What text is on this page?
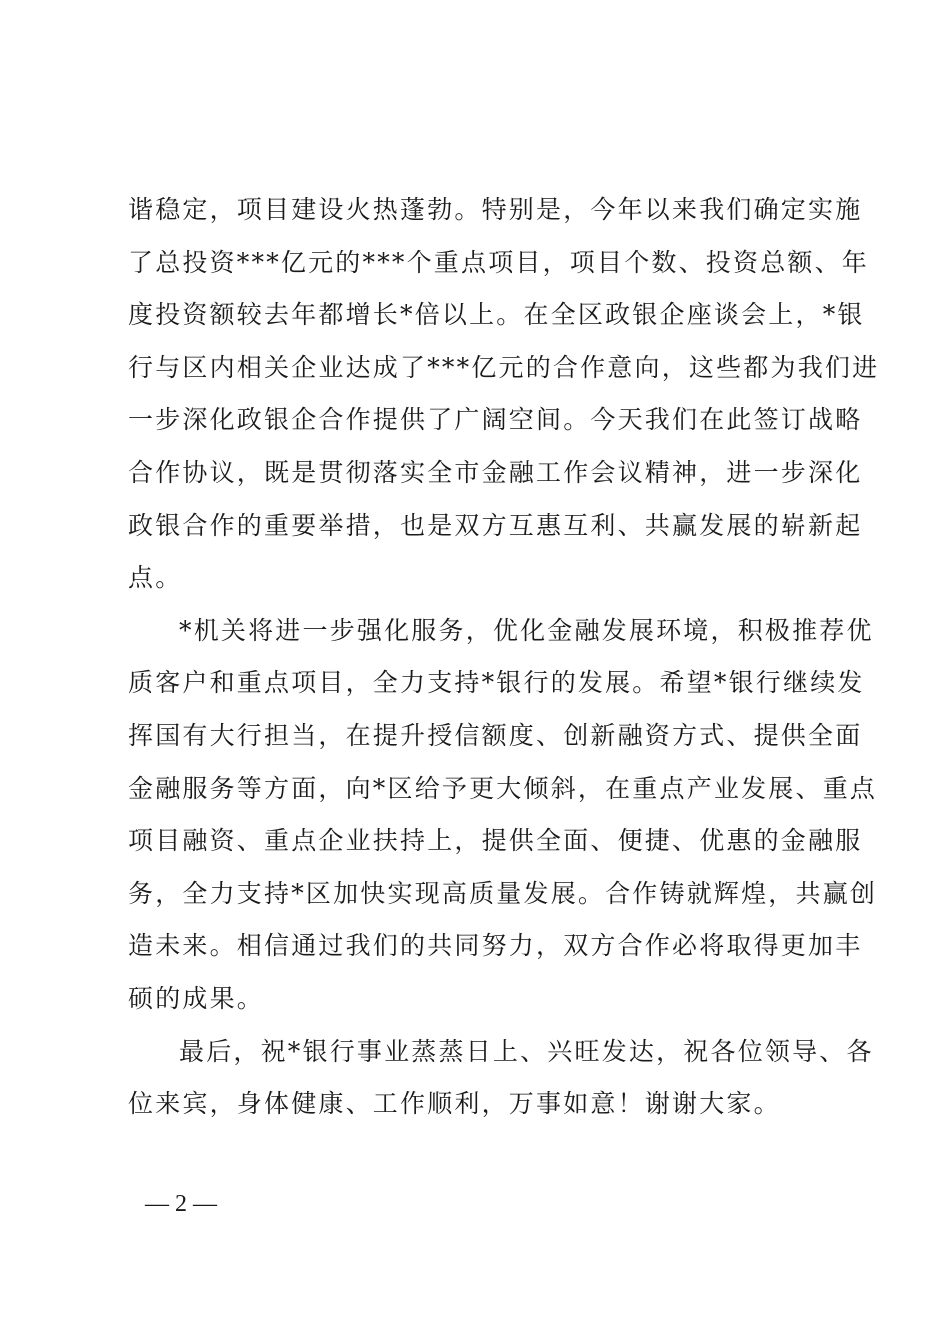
谐稳定，项目建设火热蓬勃。特别是，今年以来我们确定实施
了总投资***亿元的***个重点项目，项目个数、投资总额、年
度投资额较去年都增长*倍以上。在全区政银企座谈会上，*银
行与区内相关企业达成了***亿元的合作意向，这些都为我们进
一步深化政银企合作提供了广阔空间。今天我们在此签订战略
合作协议，既是贯彻落实全市金融工作会议精神，进一步深化
政银合作的重要举措，也是双方互惠互利、共赢发展的崭新起
点。
*机关将进一步强化服务，优化金融发展环境，积极推荐优
质客户和重点项目，全力支持*银行的发展。希望*银行继续发
挥国有大行担当，在提升授信额度、创新融资方式、提供全面
金融服务等方面，向*区给予更大倾斜，在重点产业发展、重点
项目融资、重点企业扶持上，提供全面、便捷、优惠的金融服
务，全力支持*区加快实现高质量发展。合作铸就辉煌，共赢创
造未来。相信通过我们的共同努力，双方合作必将取得更加丰
硕的成果。
最后，祝*银行事业蒸蒸日上、兴旺发达，祝各位领导、各
位来宾，身体健康、工作顺利，万事如意！谢谢大家。
— 2 —
